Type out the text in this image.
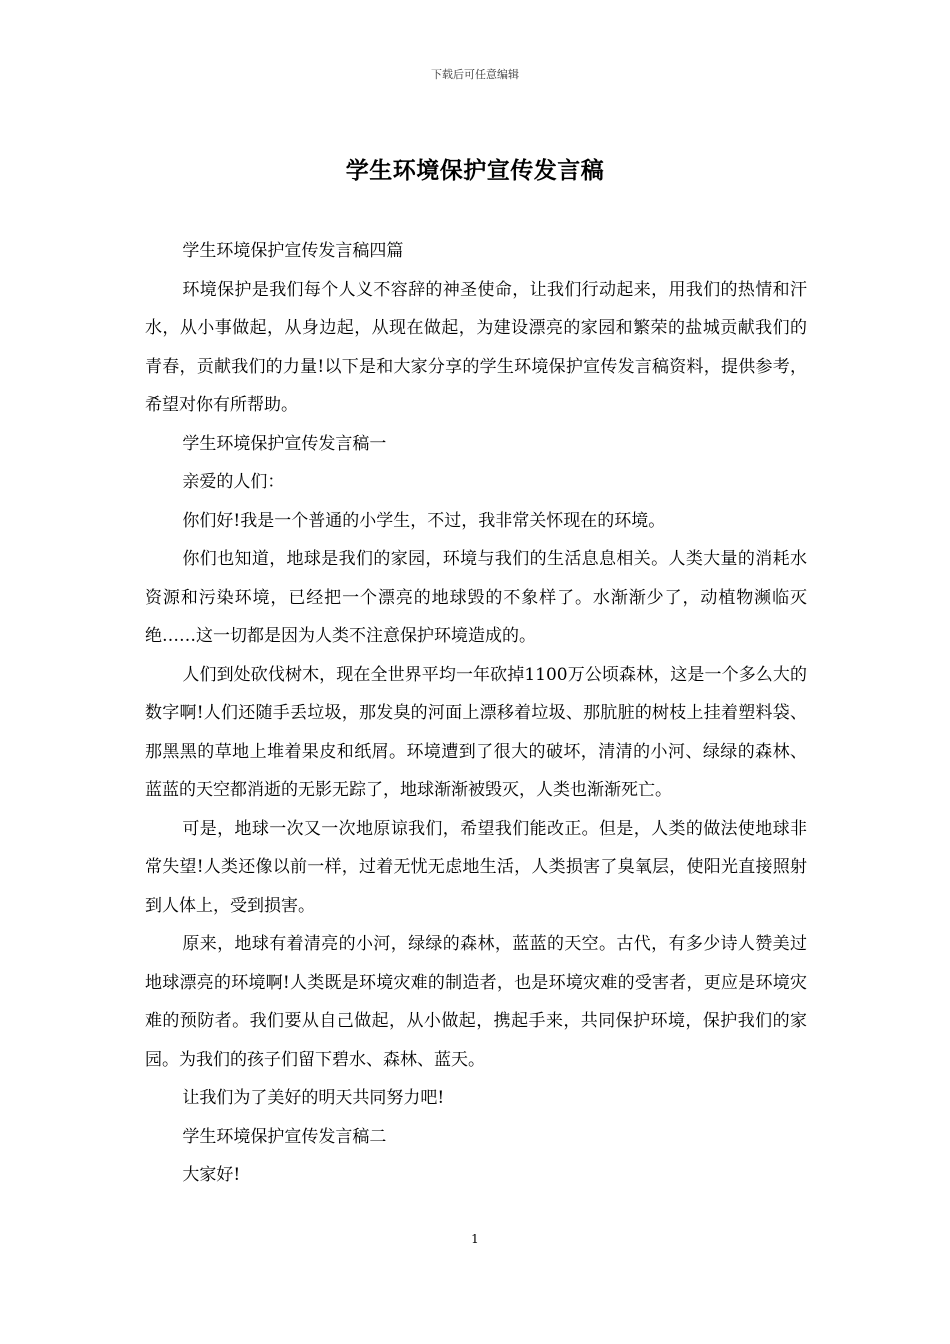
下载后可任意编辑
学生环境保护宣传发言稿

学生环境保护宣传发言稿四篇

环境保护是我们每个人义不容辞的神圣使命，让我们行动起来，用我们的热情和汗水，从小事做起，从身边起，从现在做起，为建设漂亮的家园和繁荣的盐城贡献我们的青春，贡献我们的力量!以下是和大家分享的学生环境保护宣传发言稿资料，提供参考，希望对你有所帮助。

学生环境保护宣传发言稿一

亲爱的人们：

你们好!我是一个普通的小学生，不过，我非常关怀现在的环境。

你们也知道，地球是我们的家园，环境与我们的生活息息相关。人类大量的消耗水资源和污染环境，已经把一个漂亮的地球毁的不象样了。水渐渐少了，动植物濒临灭绝……这一切都是因为人类不注意保护环境造成的。

人们到处砍伐树木，现在全世界平均一年砍掉1100万公顷森林，这是一个多么大的数字啊!人们还随手丢垃圾，那发臭的河面上漂移着垃圾、那肮脏的树枝上挂着塑料袋、那黑黑的草地上堆着果皮和纸屑。环境遭到了很大的破坏，清清的小河、绿绿的森林、蓝蓝的天空都消逝的无影无踪了，地球渐渐被毁灭，人类也渐渐死亡。

可是，地球一次又一次地原谅我们，希望我们能改正。但是，人类的做法使地球非常失望!人类还像以前一样，过着无忧无虑地生活，人类损害了臭氧层，使阳光直接照射到人体上，受到损害。

原来，地球有着清亮的小河，绿绿的森林，蓝蓝的天空。古代，有多少诗人赞美过地球漂亮的环境啊!人类既是环境灾难的制造者，也是环境灾难的受害者，更应是环境灾难的预防者。我们要从自己做起，从小做起，携起手来，共同保护环境，保护我们的家园。为我们的孩子们留下碧水、森林、蓝天。

让我们为了美好的明天共同努力吧!

学生环境保护宣传发言稿二

大家好!

1
